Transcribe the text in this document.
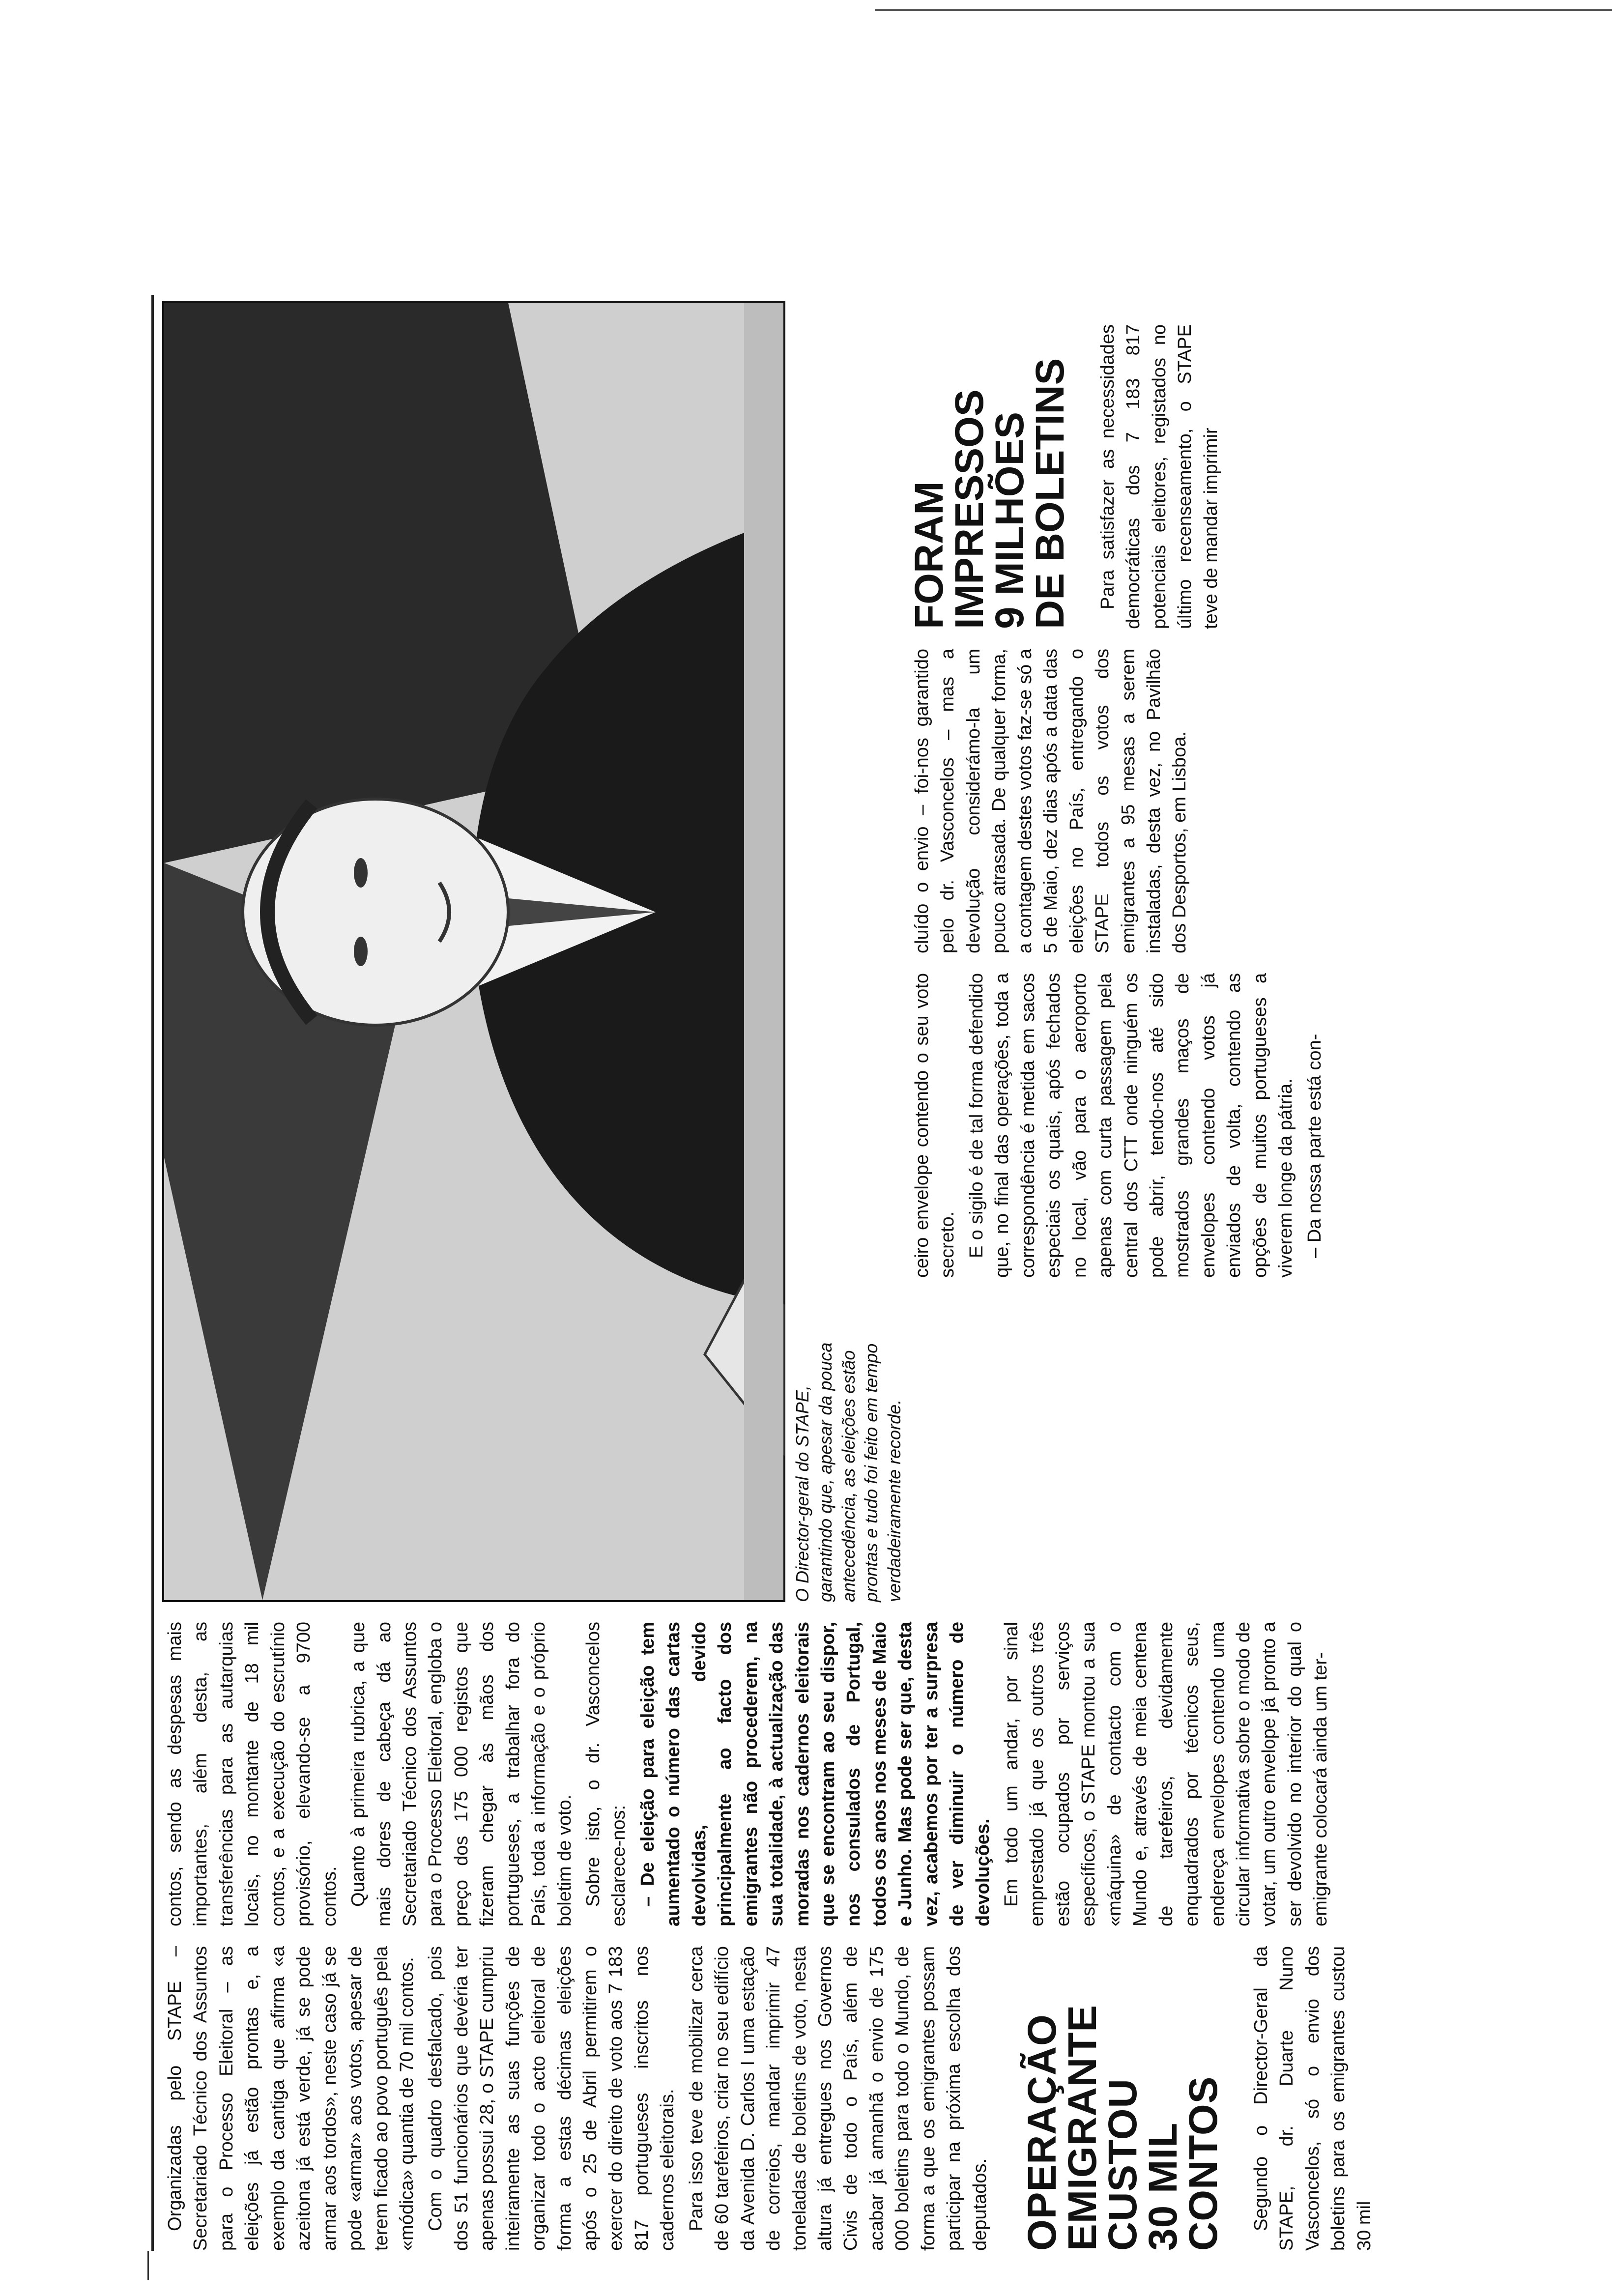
Organizadas pelo STAPE – Secretariado Técnico dos Assuntos para o Processo Eleitoral – as eleições já estão prontas e, a exemplo da cantiga que afirma «a azeitona já está verde, já se pode armar aos tordos», neste caso já se pode «armar» aos votos, apesar de terem ficado ao povo português pela «módica» quantia de 70 mil contos. Com o quadro desfalcado, pois dos 51 funcionários que devéria ter apenas possui 28, o STAPE cumpriu inteiramente as suas funções de organizar todo o acto eleitoral de forma a estas décimas eleições após o 25 de Abril permitirem o exercer do direito de voto aos 7 183 817 portugueses inscritos nos cadernos eleitorais. Para isso teve de mobilizar cerca de 60 tarefeiros, criar no seu edifício da Avenida D. Carlos I uma estação de correios, mandar imprimir 47 toneladas de boletins de voto, nesta altura já entregues nos Governos Civis de todo o País, além de acabar já amanhã o envio de 175 000 boletins para todo o Mundo, de forma a que os emigrantes possam participar na próxima escolha dos deputados. OPERAÇÃO
EMIGRANTE
CUSTOU
30 MIL CONTOS Segundo o Director-Geral da STAPE, dr. Duarte Nuno Vasconcelos, só o envio dos boletins para os emigrantes custou 30 mil

contos, sendo as despesas mais importantes, além desta, as transferências para as autarquias locais, no montante de 18 mil contos, e a execução do escrutínio provisório, elevando-se a 9700 contos. Quanto à primeira rubrica, a que mais dores de cabeça dá ao Secretariado Técnico dos Assuntos para o Processo Eleitoral, engloba o preço dos 175 000 registos que fizeram chegar às mãos dos portugueses, a trabalhar fora do País, toda a informação e o próprio boletim de voto. Sobre isto, o dr. Vasconcelos esclarece-nos: – De eleição para eleição tem aumentado o número das cartas devolvidas, devido principalmente ao facto dos emigrantes não procederem, na sua totalidade, à actualização das moradas nos cadernos eleitorais que se encontram ao seu dispor, nos consulados de Portugal, todos os anos nos meses de Maio e Junho. Mas pode ser que, desta vez, acabemos por ter a surpresa de ver diminuir o número de devoluções. Em todo um andar, por sinal emprestado já que os outros três estão ocupados por serviços específicos, o STAPE montou a sua «máquina» de contacto com o Mundo e, através de meia centena de tarefeiros, devidamente enquadrados por técnicos seus, endereça envelopes contendo uma circular informativa sobre o modo de votar, um outro envelope já pronto a ser devolvido no interior do qual o emigrante colocará ainda um ter-

O Director-geral do STAPE, garantindo que, apesar da pouca antecedência, as eleições estão prontas e tudo foi feito em tempo verdadeiramente recorde.

ceiro envelope contendo o seu voto secreto. E o sigilo é de tal forma defendido que, no final das operações, toda a correspondência é metida em sacos especiais os quais, após fechados no local, vão para o aeroporto apenas com curta passagem pela central dos CTT onde ninguém os pode abrir, tendo-nos até sido mostrados grandes maços de envelopes contendo votos já enviados de volta, contendo as opções de muitos portugueses a viverem longe da pátria. – Da nossa parte está con-

cluído o envio – foi-nos garantido pelo dr. Vasconcelos – mas a devolução considerámo-la um pouco atrasada. De qualquer forma, a contagem destes votos faz-se só a 5 de Maio, dez dias após a data das eleições no País, entregando o STAPE todos os votos dos emigrantes a 95 mesas a serem instaladas, desta vez, no Pavilhão dos Desportos, em Lisboa.

FORAM
IMPRESSOS
9 MILHÕES
DE BOLETINS Para satisfazer as necessidades democráticas dos 7 183 817 potenciais eleitores, registados no último recenseamento, o STAPE teve de mandar imprimir
